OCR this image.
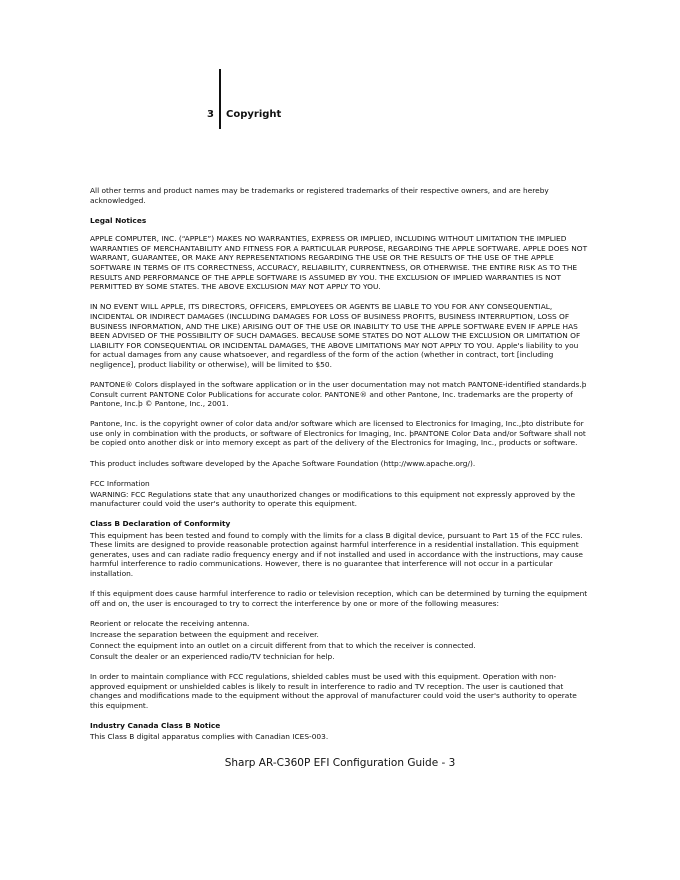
3 Copyright

All other terms and product names may be trademarks or registered trademarks of their respective owners, and are hereby acknowledged.

Legal Notices

APPLE COMPUTER, INC. (“APPLE”) MAKES NO WARRANTIES, EXPRESS OR IMPLIED, INCLUDING WITHOUT LIMITATION THE IMPLIED WARRANTIES OF MERCHANTABILITY AND FITNESS FOR A PARTICULAR PURPOSE, REGARDING THE APPLE SOFTWARE. APPLE DOES NOT WARRANT, GUARANTEE, OR MAKE ANY REPRESENTATIONS REGARDING THE USE OR THE RESULTS OF THE USE OF THE APPLE SOFTWARE IN TERMS OF ITS CORRECTNESS, ACCURACY, RELIABILITY, CURRENTNESS, OR OTHERWISE. THE ENTIRE RISK AS TO THE RESULTS AND PERFORMANCE OF THE APPLE SOFTWARE IS ASSUMED BY YOU. THE EXCLUSION OF IMPLIED WARRANTIES IS NOT PERMITTED BY SOME STATES. THE ABOVE EXCLUSION MAY NOT APPLY TO YOU.

IN NO EVENT WILL APPLE, ITS DIRECTORS, OFFICERS, EMPLOYEES OR AGENTS BE LIABLE TO YOU FOR ANY CONSEQUENTIAL, INCIDENTAL OR INDIRECT DAMAGES (INCLUDING DAMAGES FOR LOSS OF BUSINESS PROFITS, BUSINESS INTERRUPTION, LOSS OF BUSINESS INFORMATION, AND THE LIKE) ARISING OUT OF THE USE OR INABILITY TO USE THE APPLE SOFTWARE EVEN IF APPLE HAS BEEN ADVISED OF THE POSSIBILITY OF SUCH DAMAGES. BECAUSE SOME STATES DO NOT ALLOW THE EXCLUSION OR LIMITATION OF LIABILITY FOR CONSEQUENTIAL OR INCIDENTAL DAMAGES, THE ABOVE LIMITATIONS MAY NOT APPLY TO YOU. Apple's liability to you for actual damages from any cause whatsoever, and regardless of the form of the action (whether in contract, tort [including negligence], product liability or otherwise), will be limited to $50.

PANTONE® Colors displayed in the software application or in the user documentation may not match PANTONE-identified standards.þ Consult current PANTONE Color Publications for accurate color. PANTONE® and other Pantone, Inc. trademarks are the property of Pantone, Inc.þ © Pantone, Inc., 2001.

Pantone, Inc. is the copyright owner of color data and/or software which are licensed to Electronics for Imaging, Inc.,þto distribute for use only in combination with the products, or software of Electronics for Imaging, Inc. þPANTONE Color Data and/or Software shall not be copied onto another disk or into memory except as part of the delivery of the Electronics for Imaging, Inc., products or software.

This product includes software developed by the Apache Software Foundation (http://www.apache.org/).

FCC Information

WARNING: FCC Regulations state that any unauthorized changes or modifications to this equipment not expressly approved by the manufacturer could void the user's authority to operate this equipment.

Class B Declaration of Conformity

This equipment has been tested and found to comply with the limits for a class B digital device, pursuant to Part 15 of the FCC rules. These limits are designed to provide reasonable protection against harmful interference in a residential installation. This equipment generates, uses and can radiate radio frequency energy and if not installed and used in accordance with the instructions, may cause harmful interference to radio communications. However, there is no guarantee that interference will not occur in a particular installation.

If this equipment does cause harmful interference to radio or television reception, which can be determined by turning the equipment off and on, the user is encouraged to try to correct the interference by one or more of the following measures:

Reorient or relocate the receiving antenna.

Increase the separation between the equipment and receiver.

Connect the equipment into an outlet on a circuit different from that to which the receiver is connected.

Consult the dealer or an experienced radio/TV technician for help.

In order to maintain compliance with FCC regulations, shielded cables must be used with this equipment. Operation with non-approved equipment or unshielded cables is likely to result in interference to radio and TV reception. The user is cautioned that changes and modifications made to the equipment without the approval of manufacturer could void the user's authority to operate this equipment.

Industry Canada Class B Notice

This Class B digital apparatus complies with Canadian ICES-003.

Sharp AR-C360P EFI Configuration Guide - 3
